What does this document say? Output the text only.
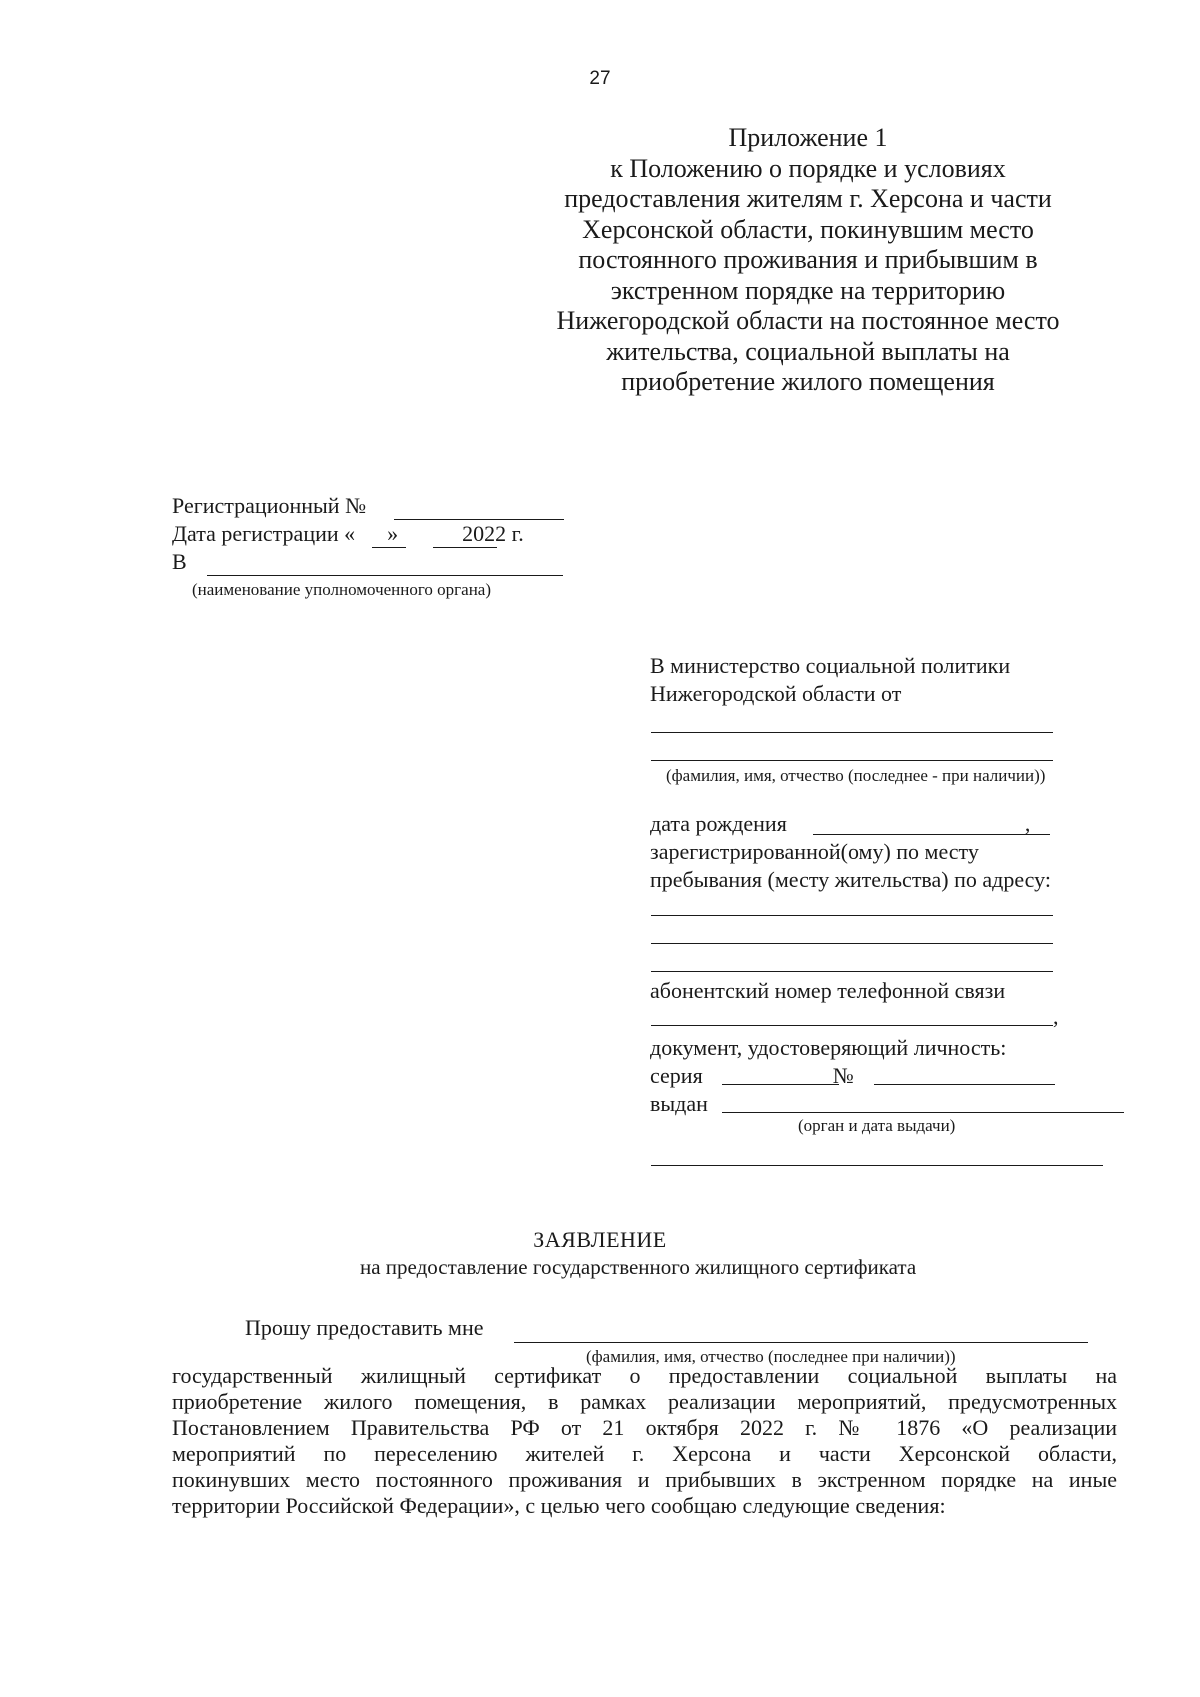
27
Приложение 1
к Положению о порядке и условиях
предоставления жителям г. Херсона и части
Херсонской области, покинувшим место
постоянного проживания и прибывшим в
экстренном порядке на территорию
Нижегородской области на постоянное место
жительства, социальной выплаты на
приобретение жилого помещения
Регистрационный №
Дата регистрации « »	2022 г.
В
(наименование уполномоченного органа)
В министерство социальной политики
Нижегородской области от
(фамилия, имя, отчество (последнее - при наличии))
дата рождения	,
зарегистрированной(ому) по месту
пребывания (месту жительства) по адресу:
абонентский номер телефонной связи
,
документ, удостоверяющий личность:
серия	№
выдан
(орган и дата выдачи)
ЗАЯВЛЕНИЕ
на предоставление государственного жилищного сертификата
Прошу предоставить мне
(фамилия, имя, отчество (последнее при наличии))
государственный жилищный сертификат о предоставлении социальной выплаты на
приобретение жилого помещения, в рамках реализации мероприятий, предусмотренных
Постановлением Правительства РФ от 21 октября 2022 г. № 1876 «О реализации
мероприятий по переселению жителей г. Херсона и части Херсонской области,
покинувших место постоянного проживания и прибывших в экстренном порядке на иные
территории Российской Федерации», с целью чего сообщаю следующие сведения:
